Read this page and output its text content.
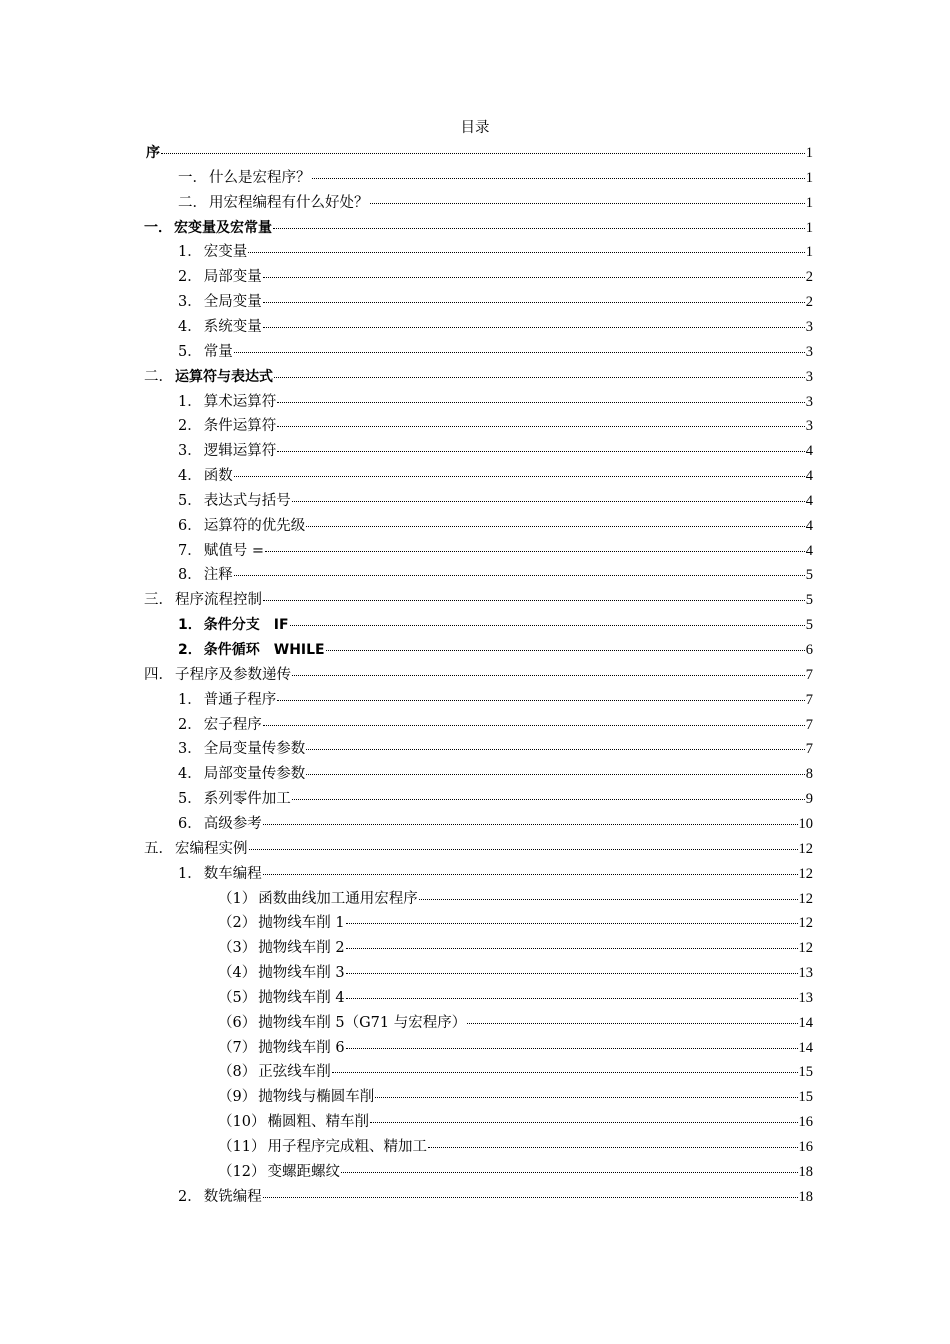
目录
序	1
一． 什么是宏程序？	1
二． 用宏程编程有什么好处？	1
一． 宏变量及宏常量	1
1． 宏变量	1
2． 局部变量	2
3． 全局变量	2
4． 系统变量	3
5． 常量	3
二． 运算符与表达式	3
1． 算术运算符	3
2． 条件运算符	3
3． 逻辑运算符	4
4． 函数	4
5． 表达式与括号	4
6． 运算符的优先级	4
7． 赋值号 =	4
8． 注释	5
三． 程序流程控制	5
1． 条件分支　IF	5
2． 条件循环　WHILE	6
四． 子程序及参数递传	7
1． 普通子程序	7
2． 宏子程序	7
3． 全局变量传参数	7
4． 局部变量传参数	8
5． 系列零件加工	9
6． 高级参考	10
五． 宏编程实例	12
1． 数车编程	12
（1） 函数曲线加工通用宏程序	12
（2） 抛物线车削 1	12
（3） 抛物线车削 2	12
（4） 抛物线车削 3	13
（5） 抛物线车削 4	13
（6） 抛物线车削 5（G71 与宏程序）	14
（7） 抛物线车削 6	14
（8） 正弦线车削	15
（9） 抛物线与椭圆车削	15
（10） 椭圆粗、精车削	16
（11） 用子程序完成粗、精加工	16
（12） 变螺距螺纹	18
2． 数铣编程	18
